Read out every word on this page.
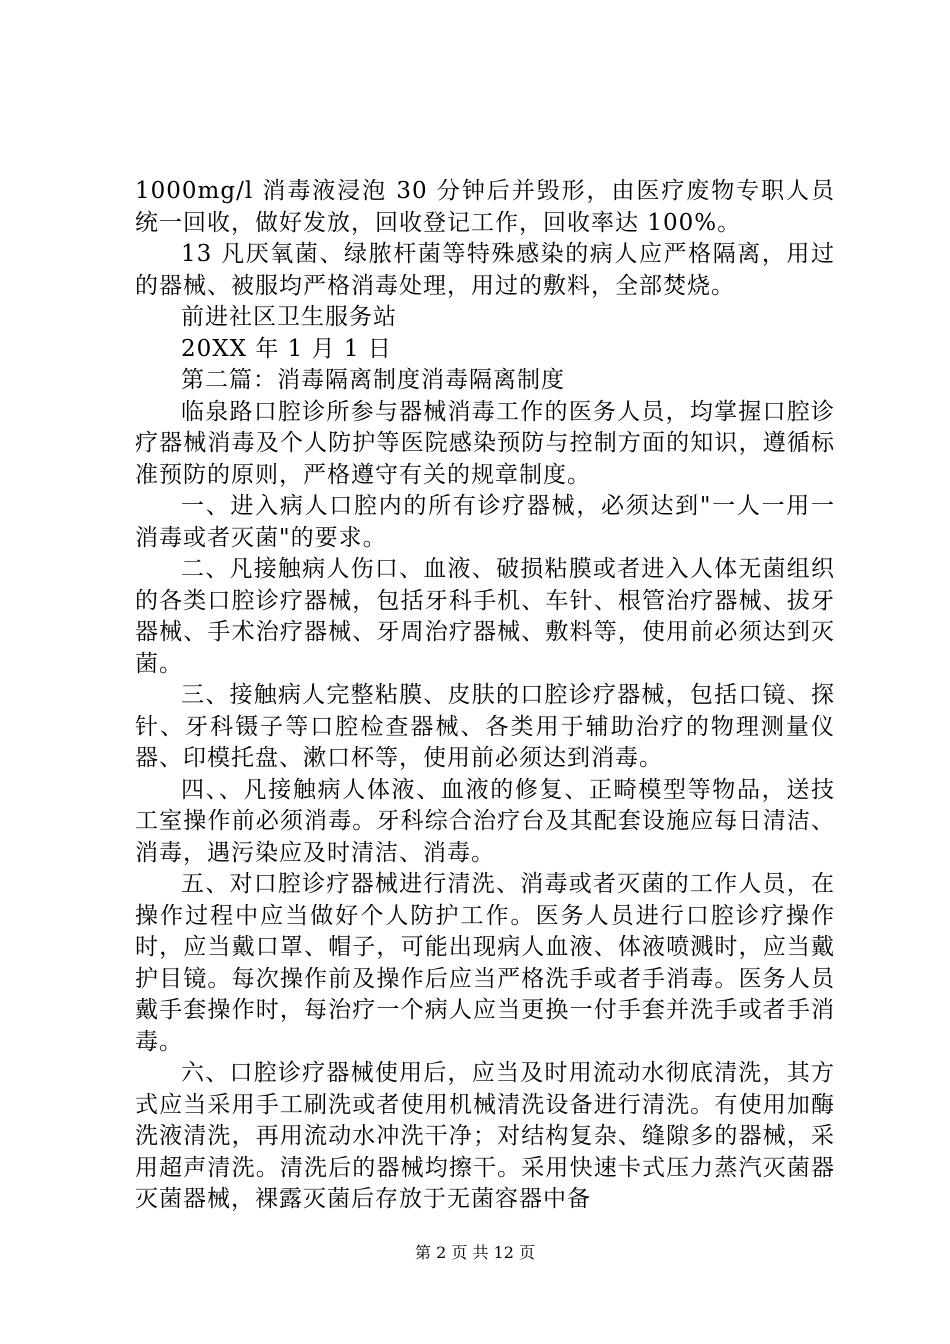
1000mg/l 消毒液浸泡 30 分钟后并毁形，由医疗废物专职人员统一回收，做好发放，回收登记工作，回收率达 100%。

13 凡厌氧菌、绿脓杆菌等特殊感染的病人应严格隔离，用过的器械、被服均严格消毒处理，用过的敷料，全部焚烧。

前进社区卫生服务站

20XX 年 1 月 1 日

第二篇：消毒隔离制度消毒隔离制度

临泉路口腔诊所参与器械消毒工作的医务人员，均掌握口腔诊疗器械消毒及个人防护等医院感染预防与控制方面的知识，遵循标准预防的原则，严格遵守有关的规章制度。

一、进入病人口腔内的所有诊疗器械，必须达到"一人一用一消毒或者灭菌"的要求。

二、凡接触病人伤口、血液、破损粘膜或者进入人体无菌组织的各类口腔诊疗器械，包括牙科手机、车针、根管治疗器械、拔牙器械、手术治疗器械、牙周治疗器械、敷料等，使用前必须达到灭菌。

三、接触病人完整粘膜、皮肤的口腔诊疗器械，包括口镜、探针、牙科镊子等口腔检查器械、各类用于辅助治疗的物理测量仪器、印模托盘、漱口杯等，使用前必须达到消毒。

四、、凡接触病人体液、血液的修复、正畸模型等物品，送技工室操作前必须消毒。牙科综合治疗台及其配套设施应每日清洁、消毒，遇污染应及时清洁、消毒。

五、对口腔诊疗器械进行清洗、消毒或者灭菌的工作人员，在操作过程中应当做好个人防护工作。医务人员进行口腔诊疗操作时，应当戴口罩、帽子，可能出现病人血液、体液喷溅时，应当戴护目镜。每次操作前及操作后应当严格洗手或者手消毒。医务人员戴手套操作时，每治疗一个病人应当更换一付手套并洗手或者手消毒。

六、口腔诊疗器械使用后，应当及时用流动水彻底清洗，其方式应当采用手工刷洗或者使用机械清洗设备进行清洗。有使用加酶洗液清洗，再用流动水冲洗干净；对结构复杂、缝隙多的器械，采用超声清洗。清洗后的器械均擦干。采用快速卡式压力蒸汽灭菌器灭菌器械，裸露灭菌后存放于无菌容器中备

第 2 页 共 12 页
